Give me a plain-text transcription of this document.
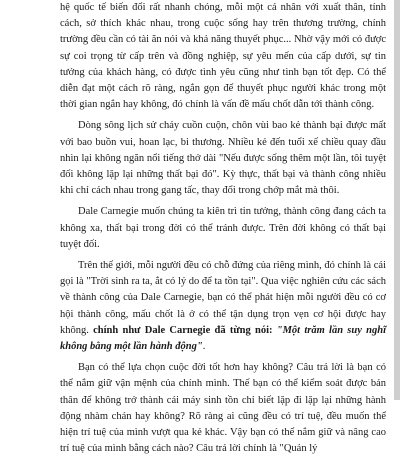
hệ quốc tế biến đổi rất nhanh chóng, mỗi một cá nhân với xuất thân, tính cách, sở thích khác nhau, trong cuộc sống hay trên thương trường, chính trường đều cần có tài ăn nói và khả năng thuyết phục... Nhờ vậy mới có được sự coi trọng từ cấp trên và đồng nghiệp, sự yêu mến của cấp dưới, sự tin tưởng của khách hàng, có được tình yêu cũng như tình bạn tốt đẹp. Có thể diễn đạt một cách rõ ràng, ngắn gọn để thuyết phục người khác trong một thời gian ngắn hay không, đó chính là vấn đề mấu chốt dẫn tới thành công.

Dòng sông lịch sử chảy cuồn cuộn, chôn vùi bao kẻ thành bại được mất với bao buồn vui, hoan lạc, bi thương. Nhiều kẻ đến tuổi xế chiều quay đầu nhìn lại không ngăn nổi tiếng thở dài "Nếu được sống thêm một lần, tôi tuyệt đối không lặp lại những thất bại đó". Kỳ thực, thất bại và thành công nhiều khi chỉ cách nhau trong gang tấc, thay đổi trong chớp mắt mà thôi.

Dale Carnegie muốn chúng ta kiên trì tin tưởng, thành công đang cách ta không xa, thất bại trong đời có thể tránh được. Trên đời không có thất bại tuyệt đối.

Trên thế giới, mỗi người đều có chỗ đứng của riêng mình, đó chính là cái gọi là "Trời sinh ra ta, ắt có lý do để ta tồn tại". Qua việc nghiên cứu các sách về thành công của Dale Carnegie, bạn có thể phát hiện mỗi người đều có cơ hội thành công, mấu chốt là ở có thể tận dụng trọn vẹn cơ hội được hay không. chính như Dale Carnegie đã từng nói: "Một trăm lần suy nghĩ không bằng một lần hành động".

Bạn có thể lựa chọn cuộc đời tốt hơn hay không? Câu trả lời là bạn có thể nắm giữ vận mệnh của chính mình. Thế bạn có thể kiểm soát được bản thân để không trở thành cái máy sinh tồn chỉ biết lặp đi lặp lại những hành động nhàm chán hay không? Rõ ràng ai cũng đều có trí tuệ, đều muốn thể hiện trí tuệ của mình vượt qua kẻ khác. Vậy bạn có thể nắm giữ và nâng cao trí tuệ của mình bằng cách nào? Câu trả lời chính là "Quản lý
